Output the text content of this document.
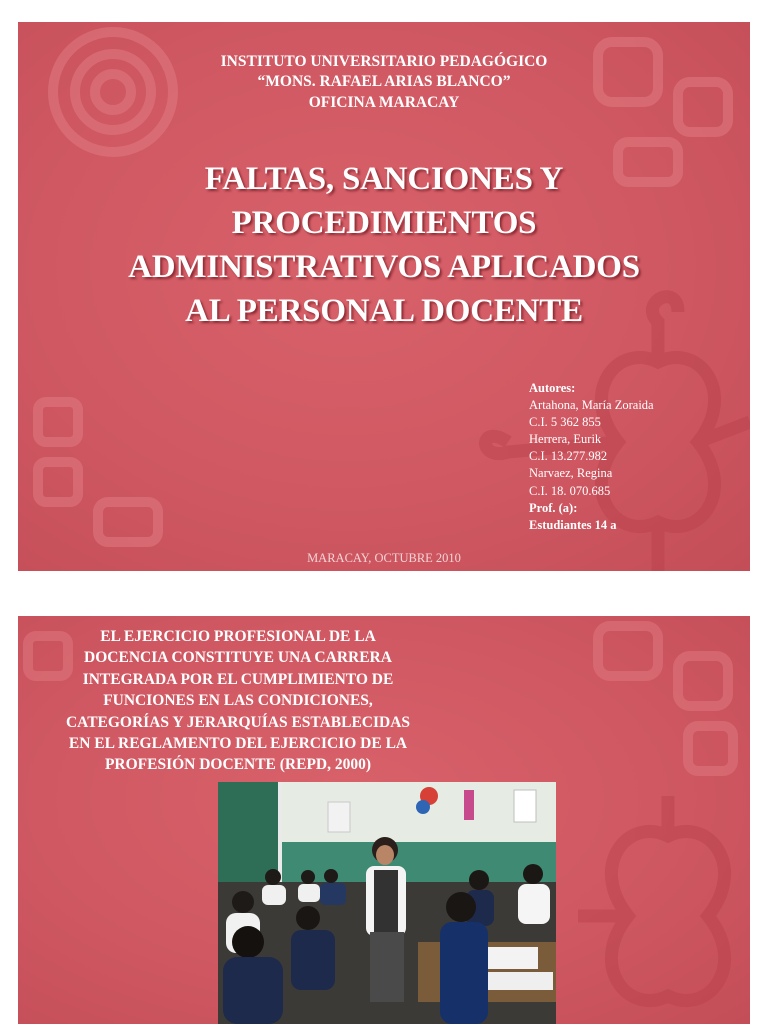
INSTITUTO UNIVERSITARIO PEDAGÓGICO
“MONS. RAFAEL ARIAS BLANCO”
OFICINA MARACAY
FALTAS, SANCIONES Y
PROCEDIMIENTOS
ADMINISTRATIVOS APLICADOS
AL PERSONAL DOCENTE
Autores:
Artahona, María Zoraida
C.I. 5 362 855
Herrera, Eurik
C.I. 13.277.982
Narvaez, Regina
C.I. 18. 070.685
Prof. (a):
Estudiantes 14 a
MARACAY, OCTUBRE 2010
EL EJERCICIO PROFESIONAL DE LA
DOCENCIA CONSTITUYE UNA CARRERA
INTEGRADA POR EL CUMPLIMIENTO DE
FUNCIONES EN LAS CONDICIONES,
CATEGORÍAS Y JERARQUÍAS ESTABLECIDAS
EN EL REGLAMENTO DEL EJERCICIO DE LA
PROFESIÓN DOCENTE (REPD, 2000)
